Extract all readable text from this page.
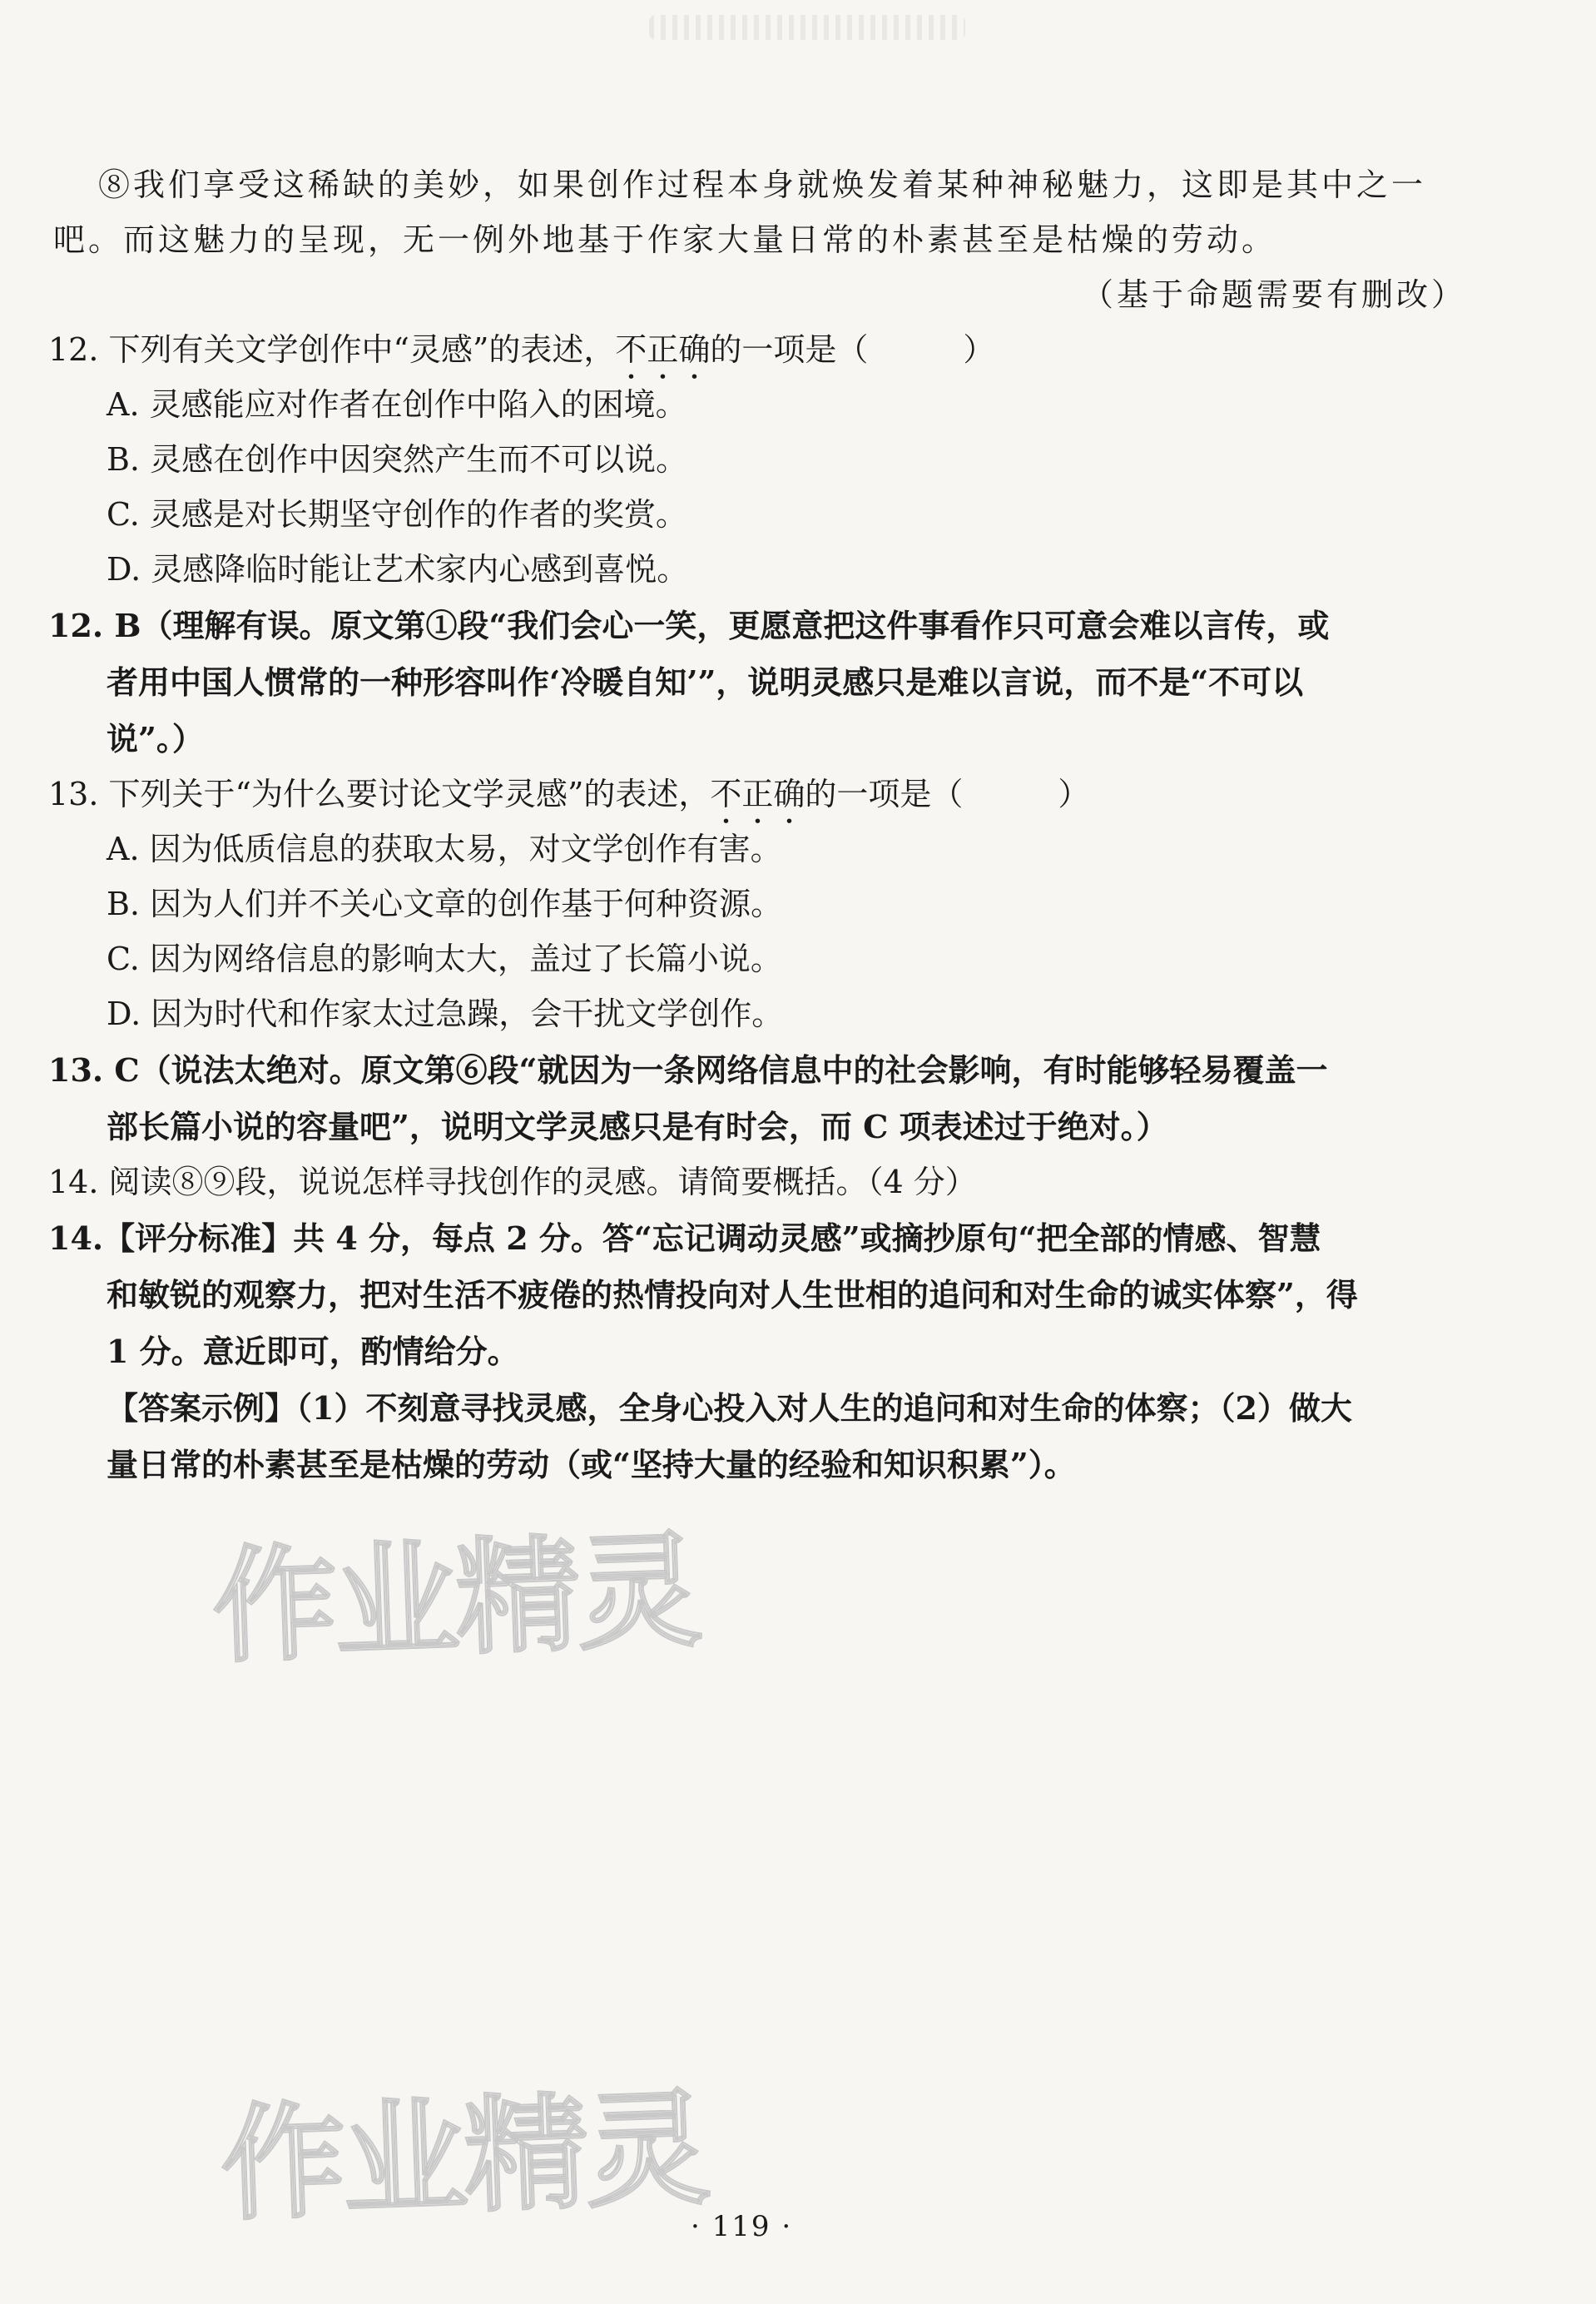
⑧我们享受这稀缺的美妙，如果创作过程本身就焕发着某种神秘魅力，这即是其中之一
吧。而这魅力的呈现，无一例外地基于作家大量日常的朴素甚至是枯燥的劳动。
（基于命题需要有删改）
12. 下列有关文学创作中“灵感”的表述，不正确的一项是（　　　）
A. 灵感能应对作者在创作中陷入的困境。
B. 灵感在创作中因突然产生而不可以说。
C. 灵感是对长期坚守创作的作者的奖赏。
D. 灵感降临时能让艺术家内心感到喜悦。
12. B（理解有误。原文第①段“我们会心一笑，更愿意把这件事看作只可意会难以言传，或
者用中国人惯常的一种形容叫作‘冷暖自知’”，说明灵感只是难以言说，而不是“不可以
说”。）
13. 下列关于“为什么要讨论文学灵感”的表述，不正确的一项是（　　　）
A. 因为低质信息的获取太易，对文学创作有害。
B. 因为人们并不关心文章的创作基于何种资源。
C. 因为网络信息的影响太大，盖过了长篇小说。
D. 因为时代和作家太过急躁，会干扰文学创作。
13. C（说法太绝对。原文第⑥段“就因为一条网络信息中的社会影响，有时能够轻易覆盖一
部长篇小说的容量吧”，说明文学灵感只是有时会，而 C 项表述过于绝对。）
14. 阅读⑧⑨段，说说怎样寻找创作的灵感。请简要概括。（4 分）
14.【评分标准】共 4 分，每点 2 分。答“忘记调动灵感”或摘抄原句“把全部的情感、智慧
和敏锐的观察力，把对生活不疲倦的热情投向对人生世相的追问和对生命的诚实体察”，得
1 分。意近即可，酌情给分。
【答案示例】（1）不刻意寻找灵感，全身心投入对人生的追问和对生命的体察；（2）做大
量日常的朴素甚至是枯燥的劳动（或“坚持大量的经验和知识积累”）。
作业精灵
作业精灵
· 119 ·
